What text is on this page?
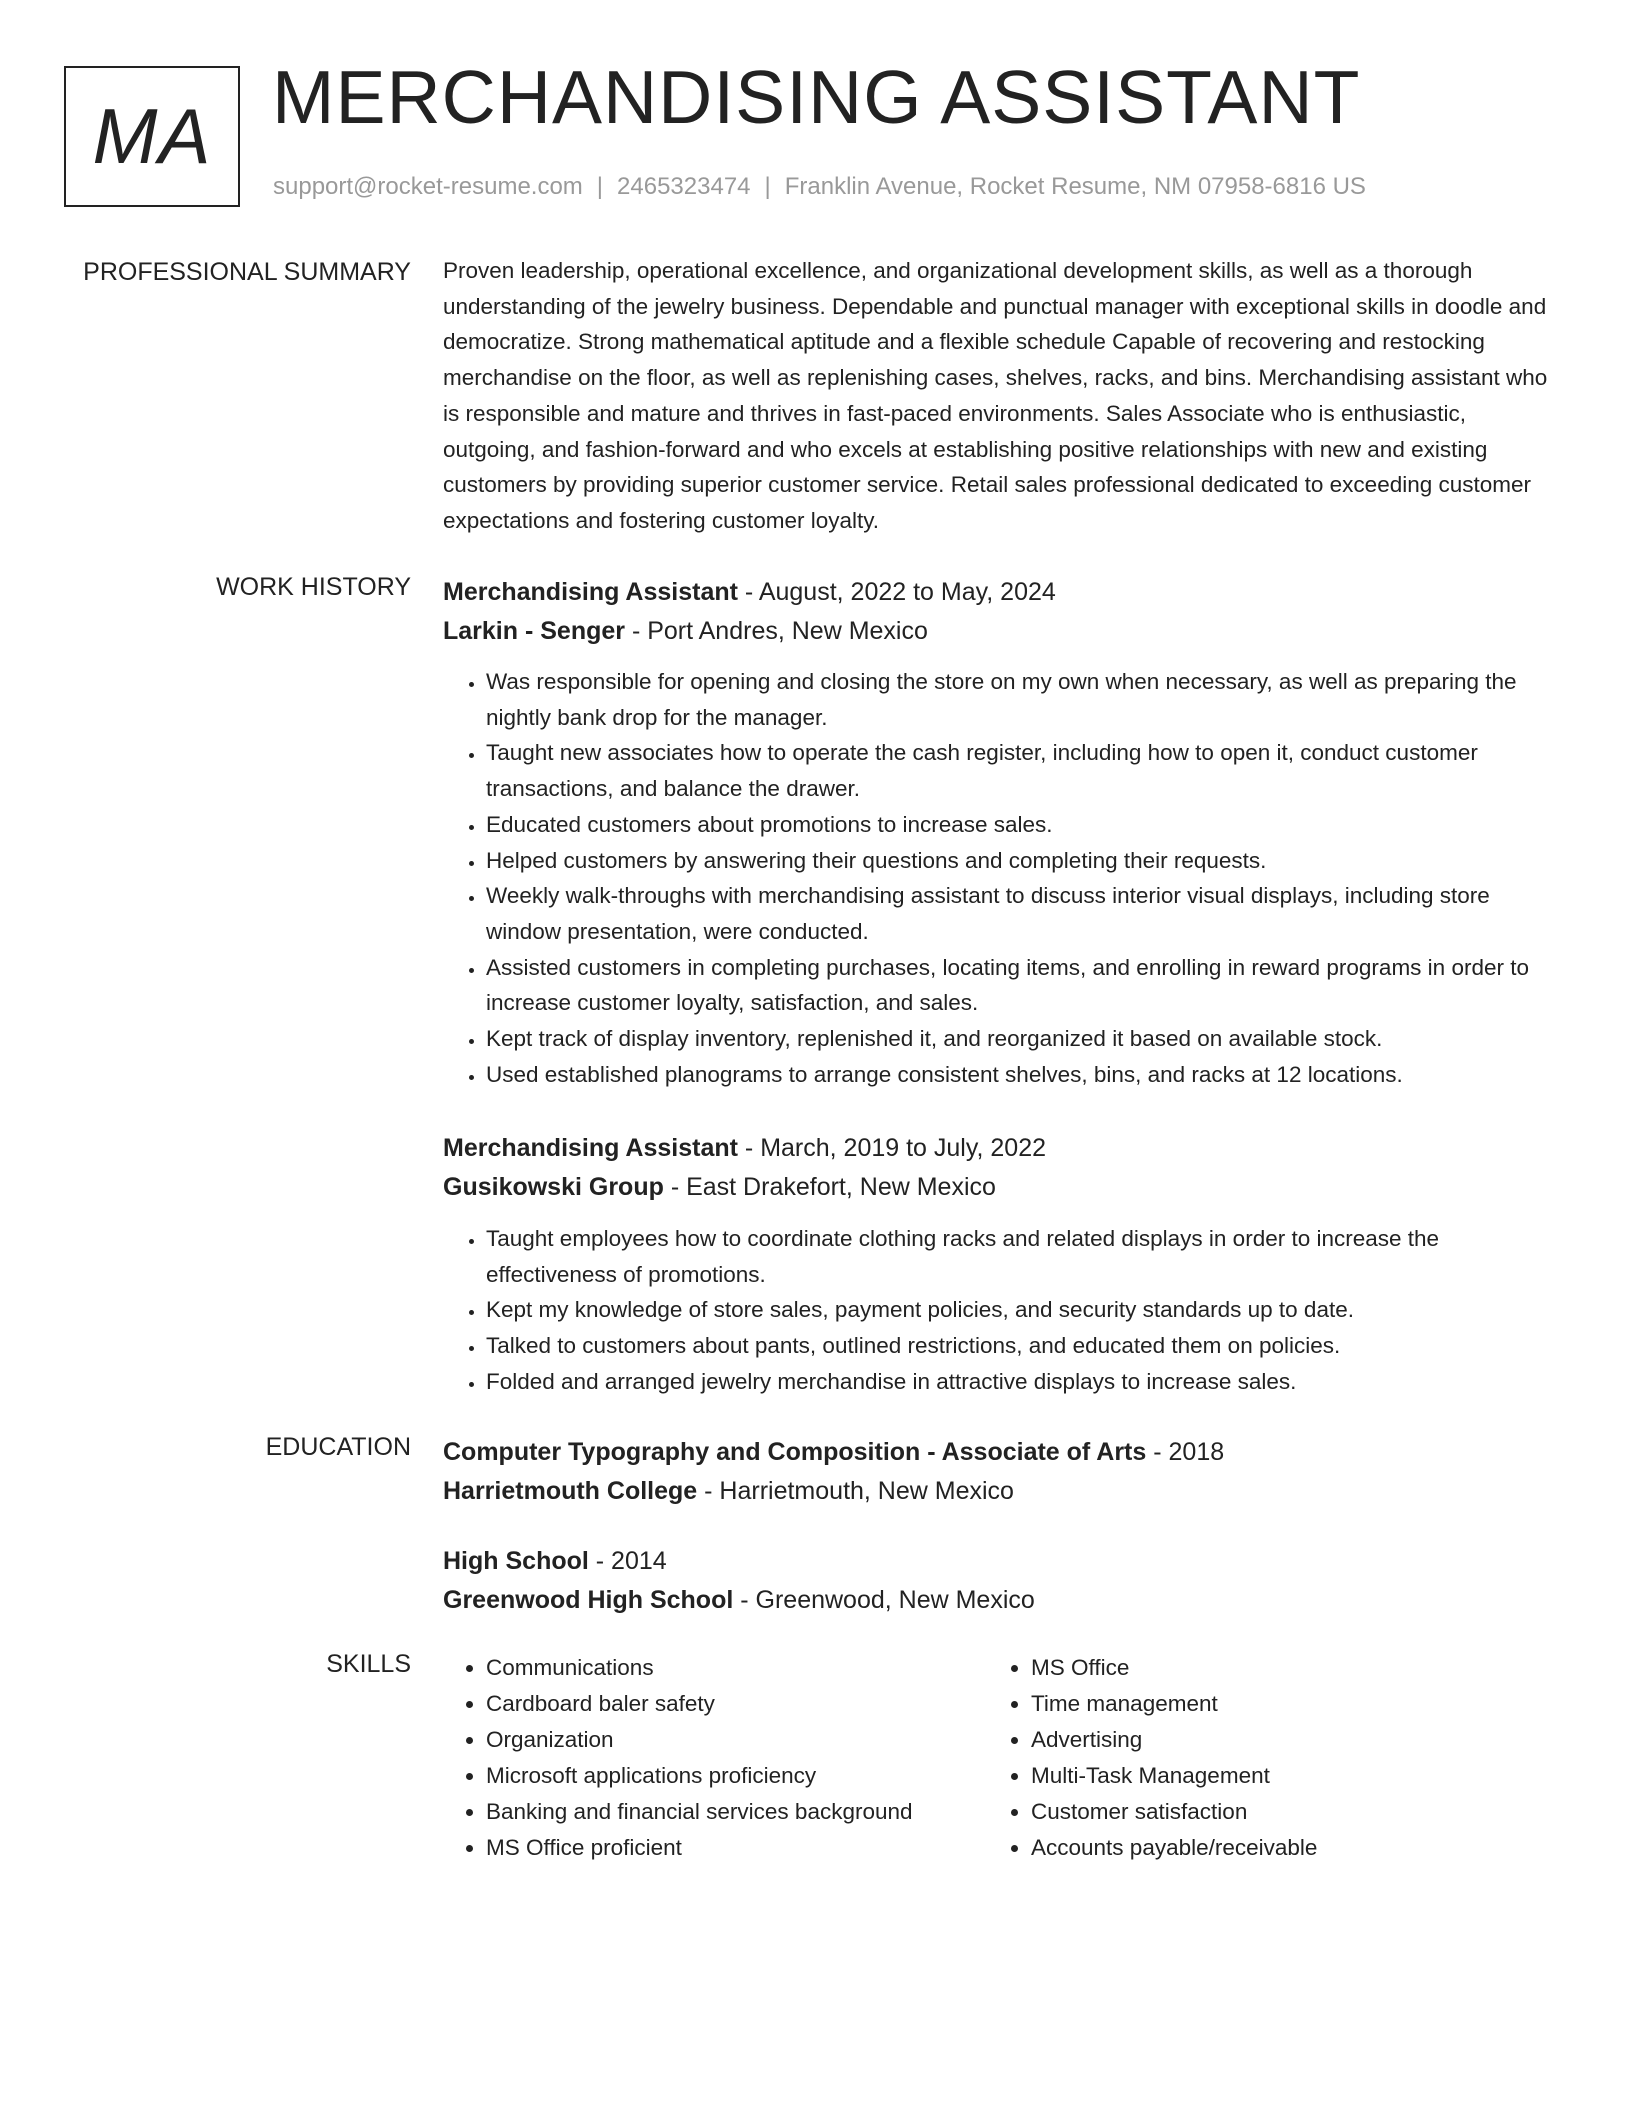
MA MERCHANDISING ASSISTANT
support@rocket-resume.com | 2465323474 | Franklin Avenue, Rocket Resume, NM 07958-6816 US
PROFESSIONAL SUMMARY Proven leadership, operational excellence, and organizational development skills, as well as a thorough understanding of the jewelry business. Dependable and punctual manager with exceptional skills in doodle and democratize. Strong mathematical aptitude and a flexible schedule Capable of recovering and restocking merchandise on the floor, as well as replenishing cases, shelves, racks, and bins. Merchandising assistant who is responsible and mature and thrives in fast-paced environments. Sales Associate who is enthusiastic, outgoing, and fashion-forward and who excels at establishing positive relationships with new and existing customers by providing superior customer service. Retail sales professional dedicated to exceeding customer expectations and fostering customer loyalty.

WORK HISTORY Merchandising Assistant - August, 2022 to May, 2024

Larkin - Senger - Port Andres, New Mexico

• Was responsible for opening and closing the store on my own when necessary, as well as preparing the nightly bank drop for the manager.
• Taught new associates how to operate the cash register, including how to open it, conduct customer transactions, and balance the drawer.
• Educated customers about promotions to increase sales.
• Helped customers by answering their questions and completing their requests.
• Weekly walk-throughs with merchandising assistant to discuss interior visual displays, including store window presentation, were conducted.
• Assisted customers in completing purchases, locating items, and enrolling in reward programs in order to increase customer loyalty, satisfaction, and sales.
• Kept track of display inventory, replenished it, and reorganized it based on available stock.
• Used established planograms to arrange consistent shelves, bins, and racks at 12 locations.

Merchandising Assistant - March, 2019 to July, 2022

Gusikowski Group - East Drakefort, New Mexico

• Taught employees how to coordinate clothing racks and related displays in order to increase the effectiveness of promotions.
• Kept my knowledge of store sales, payment policies, and security standards up to date.
• Talked to customers about pants, outlined restrictions, and educated them on policies.
• Folded and arranged jewelry merchandise in attractive displays to increase sales.
EDUCATION Computer Typography and Composition - Associate of Arts - 2018

Harrietmouth College - Harrietmouth, New Mexico

High School - 2014

Greenwood High School - Greenwood, New Mexico

SKILLS
•	Communications
• Cardboard baler safety
• Organization
• Microsoft applications proficiency
• Banking and financial services background
• MS Office proficient
• MS Office
• Time management
• Advertising
• Multi-Task Management
• Customer satisfaction
• Accounts payable/receivable
